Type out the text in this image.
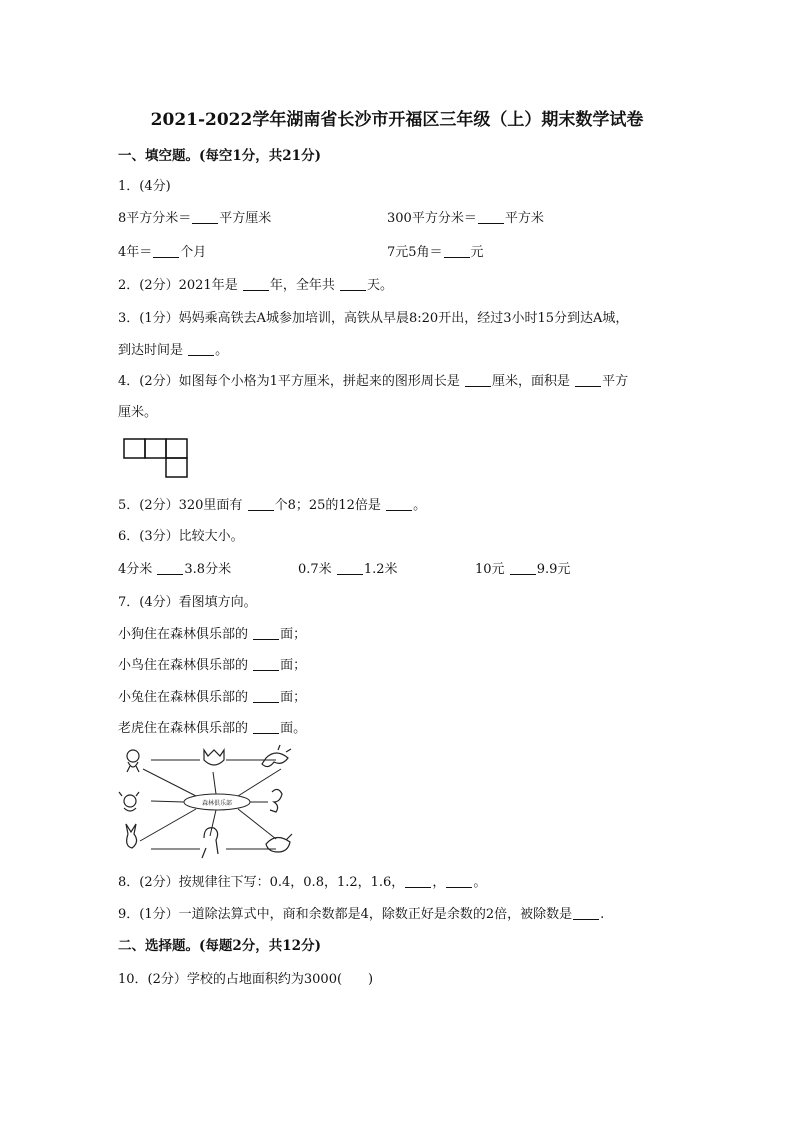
2021-2022学年湖南省长沙市开福区三年级（上）期末数学试卷
一、填空题。(每空1分，共21分)
1．(4分)
8平方分米＝ 平方厘米	300平方分米＝ 平方米
4年＝ 个月	7元5角＝ 元
2．(2分）2021年是 年，全年共 天。
3．(1分）妈妈乘高铁去A城参加培训，高铁从早晨8:20开出，经过3小时15分到达A城，
到达时间是 。
4．(2分）如图每个小格为1平方厘米，拼起来的图形周长是 厘米，面积是 平方
厘米。
5．(2分）320里面有 个8；25的12倍是 。
6．(3分）比较大小。
4分米 3.8分米	0.7米 1.2米	10元 9.9元
7．(4分）看图填方向。
小狗住在森林俱乐部的 面；
小鸟住在森林俱乐部的 面；
小兔住在森林俱乐部的 面；
老虎住在森林俱乐部的 面。
森林俱乐部
8．(2分）按规律往下写：0.4，0.8，1.2，1.6， ， 。
9．(1分）一道除法算式中，商和余数都是4，除数正好是余数的2倍，被除数是 .
二、选择题。(每题2分，共12分)
10．(2分）学校的占地面积约为3000(　　)
